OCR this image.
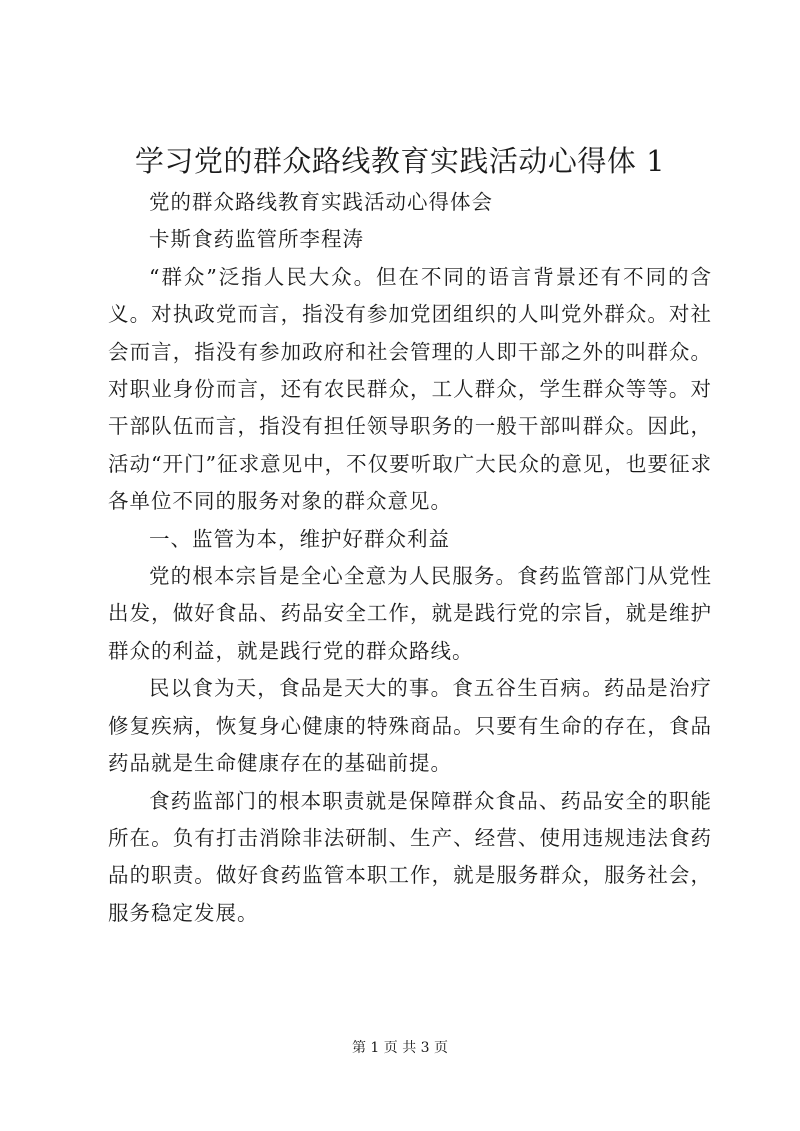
学习党的群众路线教育实践活动心得体 1

党的群众路线教育实践活动心得体会

卡斯食药监管所李程涛

“群众”泛指人民大众。但在不同的语言背景还有不同的含义。对执政党而言，指没有参加党团组织的人叫党外群众。对社会而言，指没有参加政府和社会管理的人即干部之外的叫群众。对职业身份而言，还有农民群众，工人群众，学生群众等等。对干部队伍而言，指没有担任领导职务的一般干部叫群众。因此，活动“开门”征求意见中，不仅要听取广大民众的意见，也要征求各单位不同的服务对象的群众意见。

一、监管为本，维护好群众利益

党的根本宗旨是全心全意为人民服务。食药监管部门从党性出发，做好食品、药品安全工作，就是践行党的宗旨，就是维护群众的利益，就是践行党的群众路线。

民以食为天，食品是天大的事。食五谷生百病。药品是治疗修复疾病，恢复身心健康的特殊商品。只要有生命的存在，食品药品就是生命健康存在的基础前提。

食药监部门的根本职责就是保障群众食品、药品安全的职能所在。负有打击消除非法研制、生产、经营、使用违规违法食药品的职责。做好食药监管本职工作，就是服务群众，服务社会，服务稳定发展。

第 1 页 共 3 页
